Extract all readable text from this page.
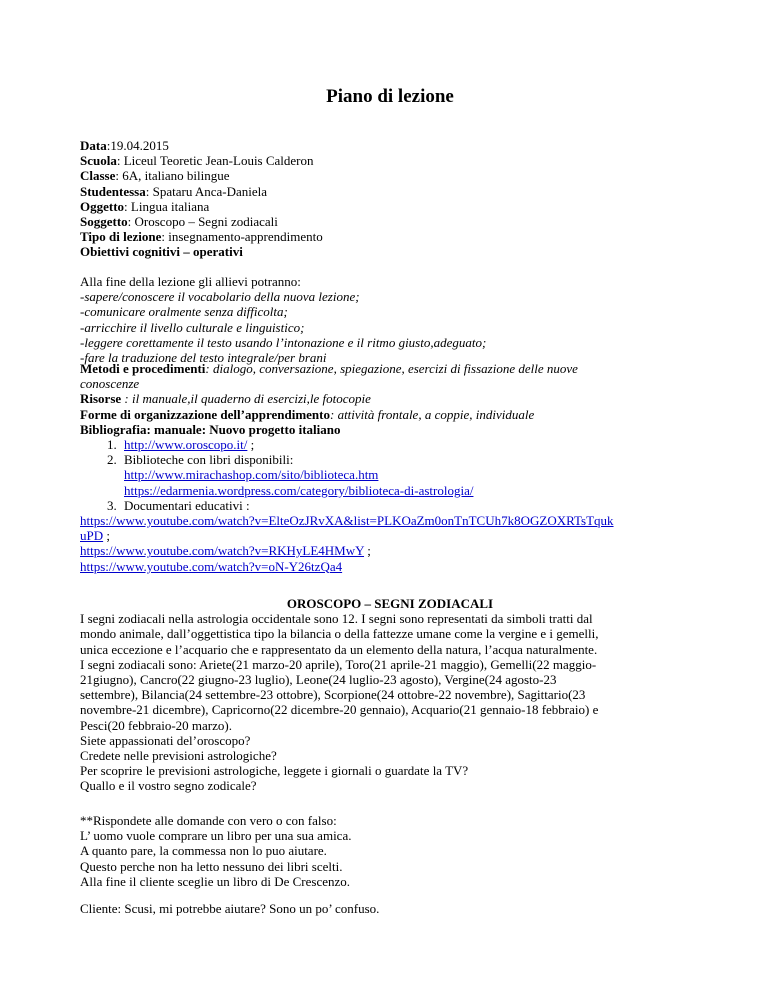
Piano di lezione
Data:19.04.2015
Scuola: Liceul Teoretic Jean-Louis Calderon
Classe: 6A, italiano bilingue
Studentessa: Spataru Anca-Daniela
Oggetto: Lingua italiana
Soggetto: Oroscopo – Segni zodiacali
Tipo di lezione: insegnamento-apprendimento
Obiettivi cognitivi – operativi
Alla fine della lezione gli allievi potranno:
-sapere/conoscere il vocabolario della nuova lezione;
-comunicare oralmente senza difficolta;
-arricchire il livello culturale e linguistico;
-leggere corettamente il testo usando l’intonazione e il ritmo giusto,adeguato;
-fare la traduzione del testo integrale/per brani
Metodi e procedimenti: dialogo, conversazione, spiegazione, esercizi di fissazione delle nuove
conoscenze
Risorse : il manuale,il quaderno di esercizi,le fotocopie
Forme di organizzazione dell’apprendimento: attività frontale, a coppie, individuale
Bibliografia: manuale: Nuovo progetto italiano
1. http://www.oroscopo.it/ ;
2. Biblioteche con libri disponibili:
http://www.mirachashop.com/sito/biblioteca.htm
https://edarmenia.wordpress.com/category/biblioteca-di-astrologia/
3. Documentari educativi :
https://www.youtube.com/watch?v=ElteOzJRvXA&list=PLKOaZm0onTnTCUh7k8OGZOXRTsTquk
uPD ;
https://www.youtube.com/watch?v=RKHyLE4HMwY ;
https://www.youtube.com/watch?v=oN-Y26tzQa4
OROSCOPO – SEGNI ZODIACALI
I segni zodiacali nella astrologia occidentale sono 12. I segni sono representati da simboli tratti dal
mondo animale, dall’oggettistica tipo la bilancia o della fattezze umane come la vergine e i gemelli,
unica eccezione e l’acquario che e rappresentato da un elemento della natura, l’acqua naturalmente.
I segni zodiacali sono: Ariete(21 marzo-20 aprile), Toro(21 aprile-21 maggio), Gemelli(22 maggio-
21giugno), Cancro(22 giugno-23 luglio), Leone(24 luglio-23 agosto), Vergine(24 agosto-23
settembre), Bilancia(24 settembre-23 ottobre), Scorpione(24 ottobre-22 novembre), Sagittario(23
novembre-21 dicembre), Capricorno(22 dicembre-20 gennaio), Acquario(21 gennaio-18 febbraio) e
Pesci(20 febbraio-20 marzo).
Siete appassionati del’oroscopo?
Credete nelle previsioni astrologiche?
Per scoprire le previsioni astrologiche, leggete i giornali o guardate la TV?
Quallo e il vostro segno zodicale?
**Rispondete alle domande con vero o con falso:
L’ uomo vuole comprare un libro per una sua amica.
A quanto pare, la commessa non lo puo aiutare.
Questo perche non ha letto nessuno dei libri scelti.
Alla fine il cliente sceglie un libro di De Crescenzo.
Cliente: Scusi, mi potrebbe aiutare? Sono un po’ confuso.
